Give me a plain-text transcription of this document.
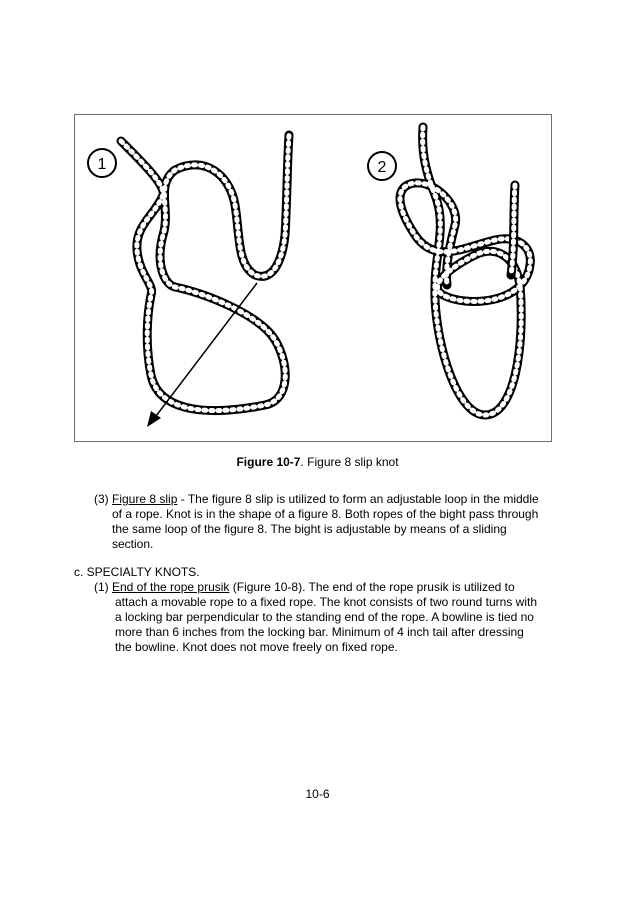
1	2
Figure 10-7. Figure 8 slip knot
(3) Figure 8 slip - The figure 8 slip is utilized to form an adjustable loop in the middle
of a rope. Knot is in the shape of a figure 8. Both ropes of the bight pass through
the same loop of the figure 8. The bight is adjustable by means of a sliding
section.
c. SPECIALTY KNOTS.
(1) End of the rope prusik (Figure 10-8). The end of the rope prusik is utilized to
attach a movable rope to a fixed rope. The knot consists of two round turns with
a locking bar perpendicular to the standing end of the rope. A bowline is tied no
more than 6 inches from the locking bar. Minimum of 4 inch tail after dressing
the bowline. Knot does not move freely on fixed rope.
10-6
